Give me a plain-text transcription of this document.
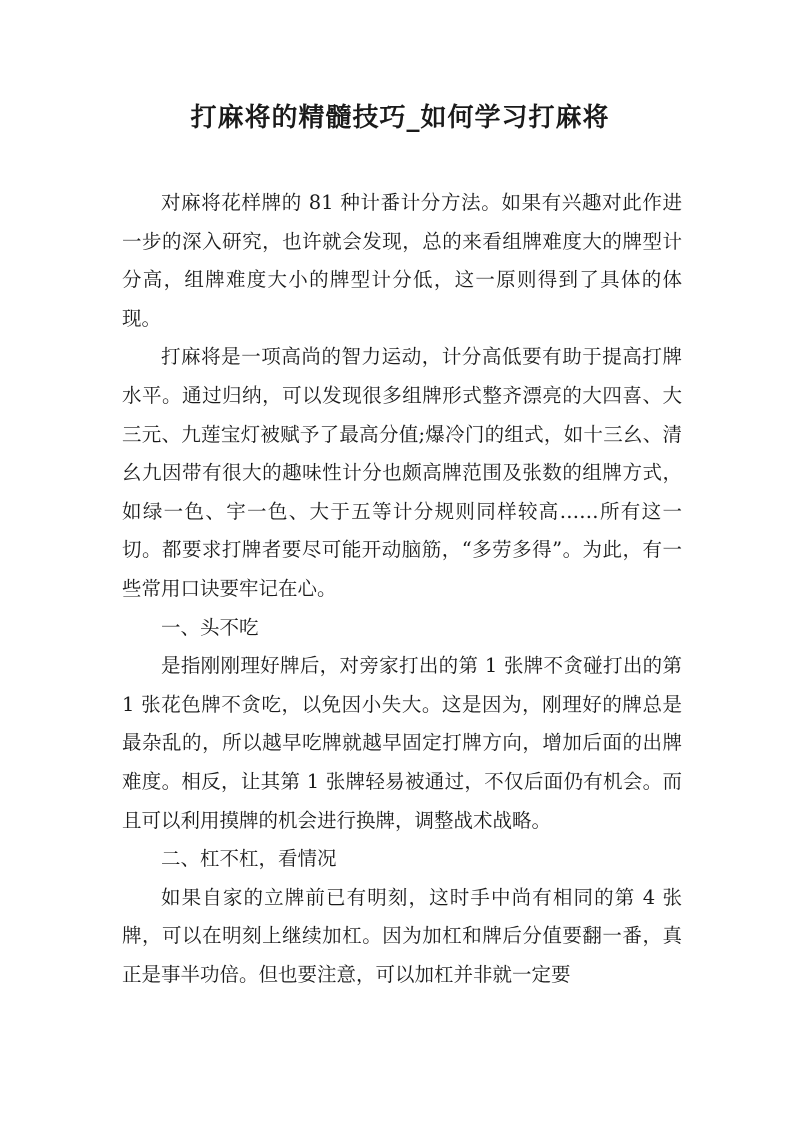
打麻将的精髓技巧_如何学习打麻将

对麻将花样牌的 81 种计番计分方法。如果有兴趣对此作进一步的深入研究，也许就会发现，总的来看组牌难度大的牌型计分高，组牌难度大小的牌型计分低，这一原则得到了具体的体现。

打麻将是一项高尚的智力运动，计分高低要有助于提高打牌水平。通过归纳，可以发现很多组牌形式整齐漂亮的大四喜、大三元、九莲宝灯被赋予了最高分值;爆冷门的组式，如十三幺、清幺九因带有很大的趣味性计分也颇高牌范围及张数的组牌方式，如绿一色、宇一色、大于五等计分规则同样较高……所有这一切。都要求打牌者要尽可能开动脑筋，“多劳多得”。为此，有一些常用口诀要牢记在心。

一、头不吃

是指刚刚理好牌后，对旁家打出的第 1 张牌不贪碰打出的第 1 张花色牌不贪吃，以免因小失大。这是因为，刚理好的牌总是最杂乱的，所以越早吃牌就越早固定打牌方向，增加后面的出牌难度。相反，让其第 1 张牌轻易被通过，不仅后面仍有机会。而且可以利用摸牌的机会进行换牌，调整战术战略。

二、杠不杠，看情况

如果自家的立牌前已有明刻，这时手中尚有相同的第 4 张牌，可以在明刻上继续加杠。因为加杠和牌后分值要翻一番，真正是事半功倍。但也要注意，可以加杠并非就一定要
